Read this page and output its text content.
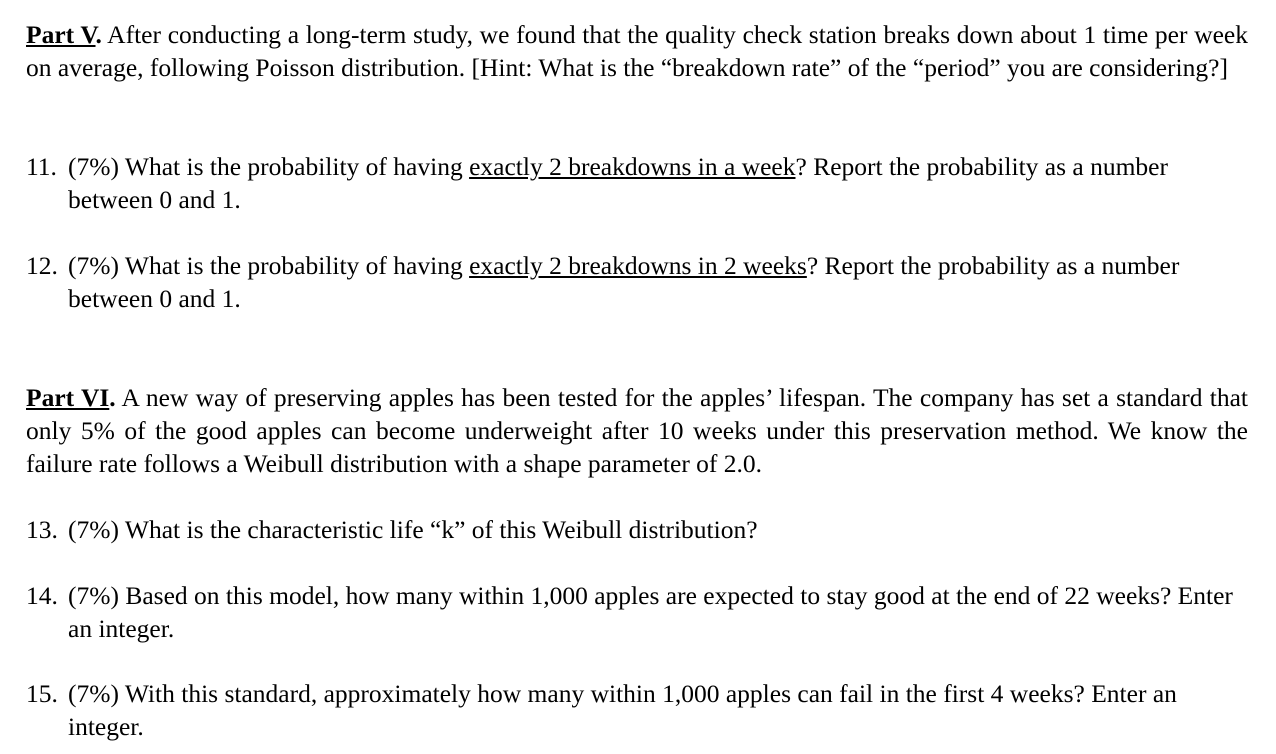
Part V. After conducting a long-term study, we found that the quality check station breaks down about 1 time per week on average, following Poisson distribution. [Hint: What is the “breakdown rate” of the “period” you are considering?]

11. (7%) What is the probability of having exactly 2 breakdowns in a week? Report the probability as a number between 0 and 1.

12. (7%) What is the probability of having exactly 2 breakdowns in 2 weeks? Report the probability as a number between 0 and 1.

Part VI. A new way of preserving apples has been tested for the apples’ lifespan. The company has set a standard that only 5% of the good apples can become underweight after 10 weeks under this preservation method. We know the failure rate follows a Weibull distribution with a shape parameter of 2.0.

13. (7%) What is the characteristic life “k” of this Weibull distribution?

14. (7%) Based on this model, how many within 1,000 apples are expected to stay good at the end of 22 weeks? Enter an integer.

15. (7%) With this standard, approximately how many within 1,000 apples can fail in the first 4 weeks? Enter an integer.
